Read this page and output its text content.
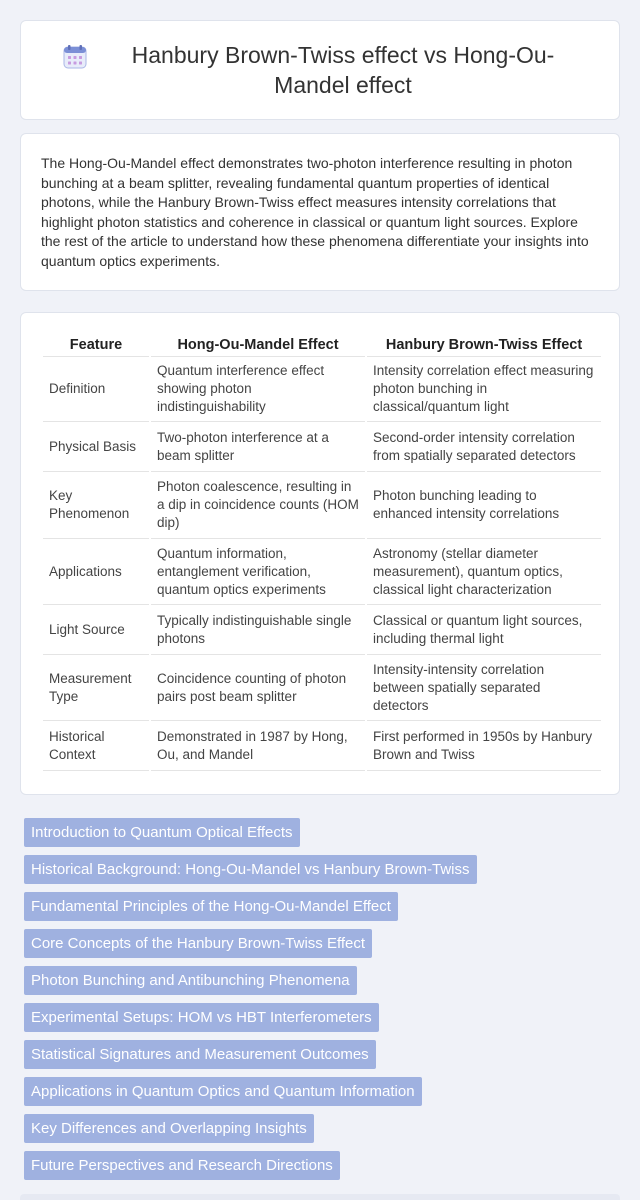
Hanbury Brown-Twiss effect vs Hong-Ou-Mandel effect

The Hong-Ou-Mandel effect demonstrates two-photon interference resulting in photon bunching at a beam splitter, revealing fundamental quantum properties of identical photons, while the Hanbury Brown-Twiss effect measures intensity correlations that highlight photon statistics and coherence in classical or quantum light sources. Explore the rest of the article to understand how these phenomena differentiate your insights into quantum optics experiments.

Feature	Hong-Ou-Mandel Effect	Hanbury Brown-Twiss Effect
Definition	Quantum interference effect showing photon indistinguishability	Intensity correlation effect measuring photon bunching in classical/quantum light
Physical Basis	Two-photon interference at a beam splitter	Second-order intensity correlation from spatially separated detectors
Key Phenomenon	Photon coalescence, resulting in a dip in coincidence counts (HOM dip)	Photon bunching leading to enhanced intensity correlations
Applications	Quantum information, entanglement verification, quantum optics experiments	Astronomy (stellar diameter measurement), quantum optics, classical light characterization
Light Source	Typically indistinguishable single photons	Classical or quantum light sources, including thermal light
Measurement Type	Coincidence counting of photon pairs post beam splitter	Intensity-intensity correlation between spatially separated detectors
Historical Context	Demonstrated in 1987 by Hong, Ou, and Mandel	First performed in 1950s by Hanbury Brown and Twiss
Introduction to Quantum Optical Effects
Historical Background: Hong-Ou-Mandel vs Hanbury Brown-Twiss
Fundamental Principles of the Hong-Ou-Mandel Effect
Core Concepts of the Hanbury Brown-Twiss Effect
Photon Bunching and Antibunching Phenomena
Experimental Setups: HOM vs HBT Interferometers
Statistical Signatures and Measurement Outcomes
Applications in Quantum Optics and Quantum Information
Key Differences and Overlapping Insights
Future Perspectives and Research Directions
